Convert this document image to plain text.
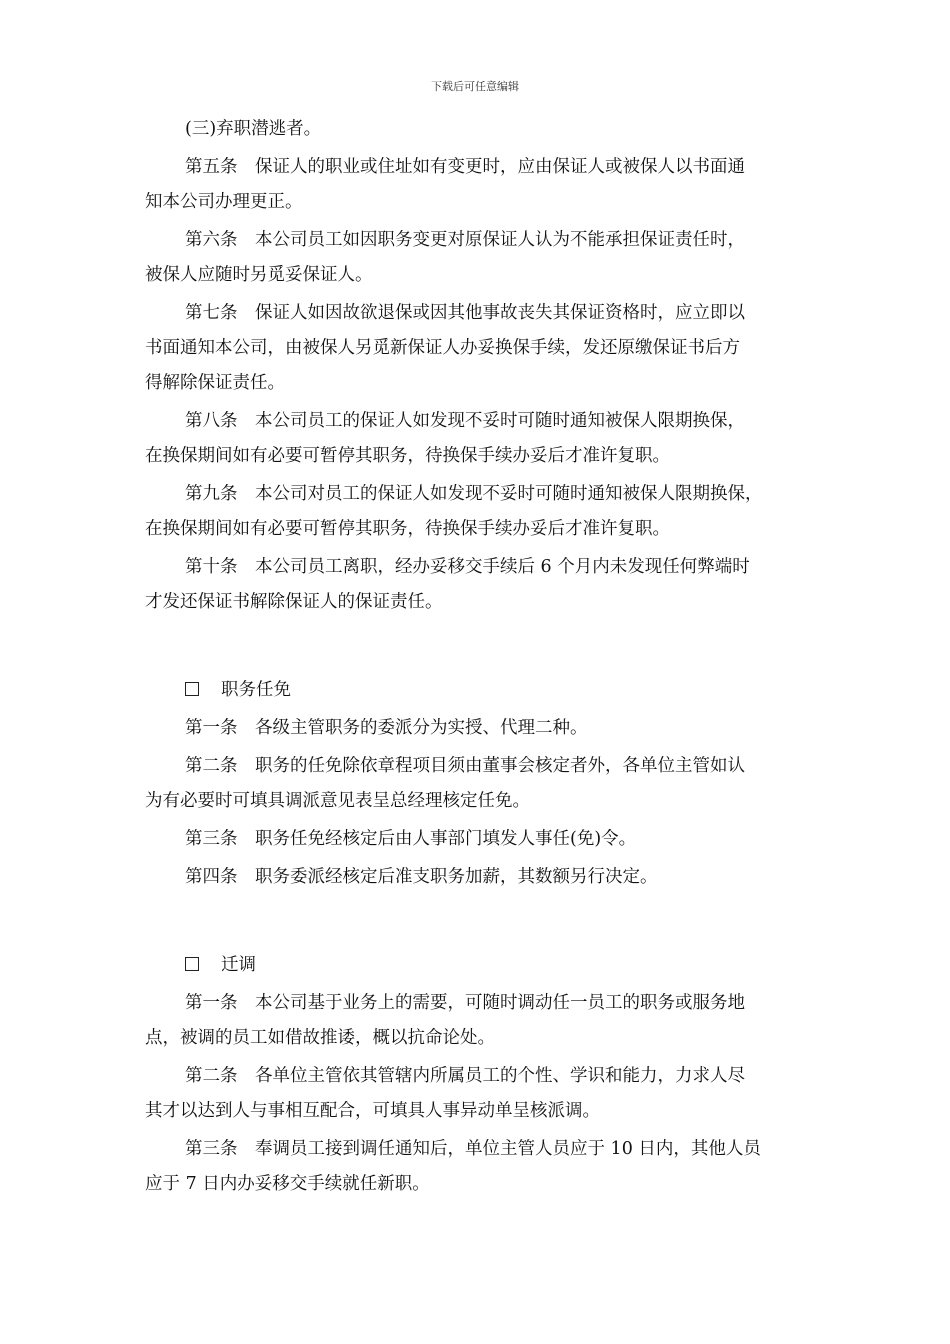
下载后可任意编辑
(三)弃职潜逃者。
第五条　保证人的职业或住址如有变更时，应由保证人或被保人以书面通
知本公司办理更正。
第六条　本公司员工如因职务变更对原保证人认为不能承担保证责任时，
被保人应随时另觅妥保证人。
第七条　保证人如因故欲退保或因其他事故丧失其保证资格时，应立即以
书面通知本公司，由被保人另觅新保证人办妥换保手续，发还原缴保证书后方
得解除保证责任。
第八条　本公司员工的保证人如发现不妥时可随时通知被保人限期换保，
在换保期间如有必要可暂停其职务，待换保手续办妥后才准许复职。
第九条　本公司对员工的保证人如发现不妥时可随时通知被保人限期换保，
在换保期间如有必要可暂停其职务，待换保手续办妥后才准许复职。
第十条　本公司员工离职，经办妥移交手续后 6 个月内未发现任何弊端时
才发还保证书解除保证人的保证责任。
职务任免
第一条　各级主管职务的委派分为实授、代理二种。
第二条　职务的任免除依章程项目须由董事会核定者外，各单位主管如认
为有必要时可填具调派意见表呈总经理核定任免。
第三条　职务任免经核定后由人事部门填发人事任(免)令。
第四条　职务委派经核定后准支职务加薪，其数额另行决定。
迁调
第一条　本公司基于业务上的需要，可随时调动任一员工的职务或服务地
点，被调的员工如借故推诿，概以抗命论处。
第二条　各单位主管依其管辖内所属员工的个性、学识和能力，力求人尽
其才以达到人与事相互配合，可填具人事异动单呈核派调。
第三条　奉调员工接到调任通知后，单位主管人员应于 10 日内，其他人员
应于 7 日内办妥移交手续就任新职。
